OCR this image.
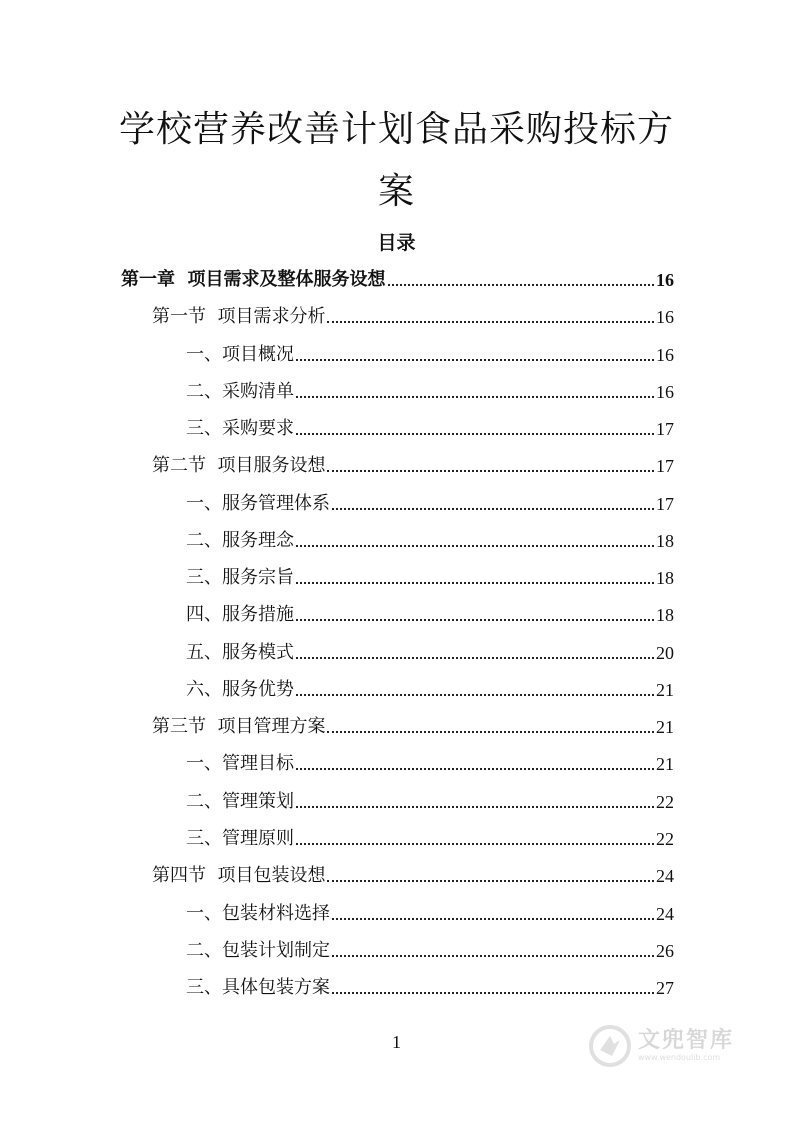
学校营养改善计划食品采购投标方
案
目录
第一章  项目需求及整体服务设想	16
第一节  项目需求分析	16
一、项目概况	16
二、采购清单	16
三、采购要求	17
第二节  项目服务设想	17
一、服务管理体系	17
二、服务理念	18
三、服务宗旨	18
四、服务措施	18
五、服务模式	20
六、服务优势	21
第三节  项目管理方案	21
一、管理目标	21
二、管理策划	22
三、管理原则	22
第四节  项目包装设想	24
一、包装材料选择	24
二、包装计划制定	26
三、具体包装方案	27
1	文兜智库
www.wendoulib.com
